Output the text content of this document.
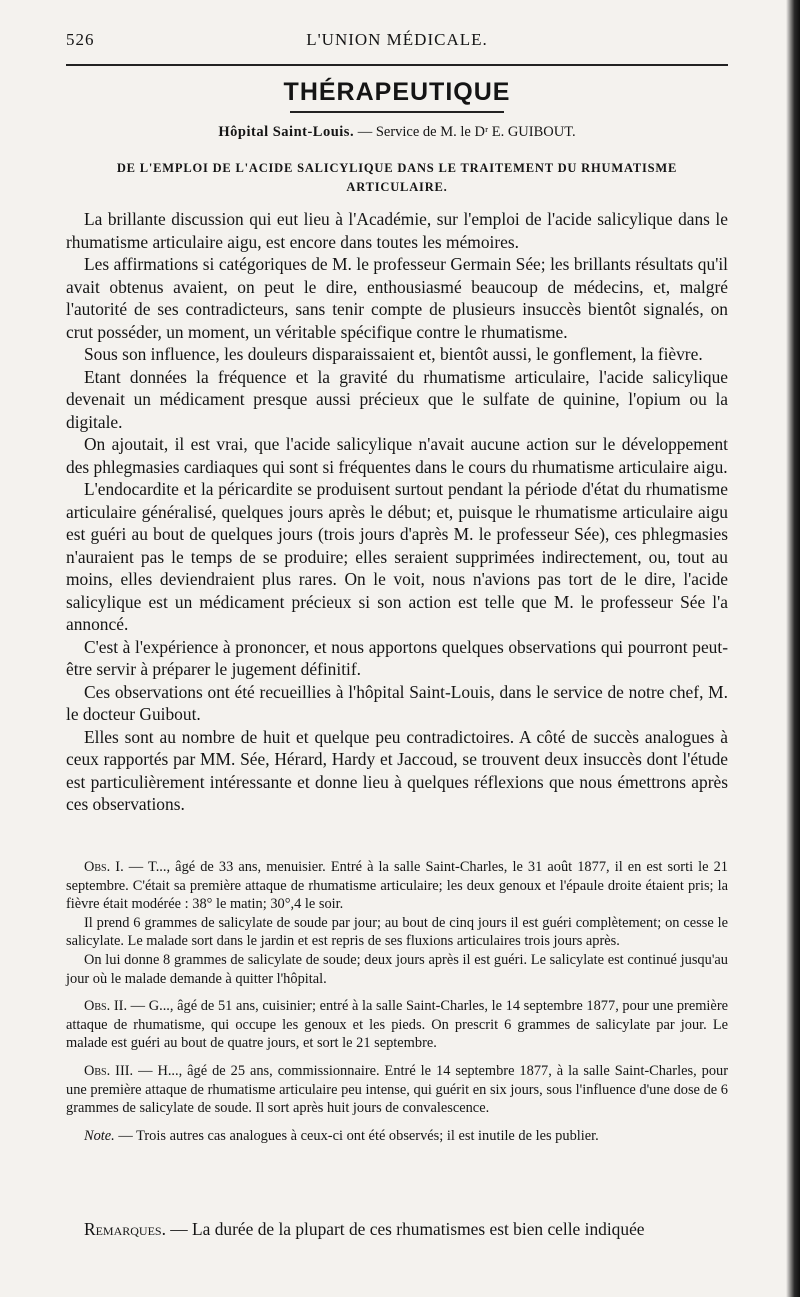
526	L'UNION MÉDICALE.
THÉRAPEUTIQUE
Hôpital Saint-Louis. — Service de M. le Dʳ E. GUIBOUT.
DE L'EMPLOI DE L'ACIDE SALICYLIQUE DANS LE TRAITEMENT DU RHUMATISME ARTICULAIRE.

La brillante discussion qui eut lieu à l'Académie, sur l'emploi de l'acide salicylique dans le rhumatisme articulaire aigu, est encore dans toutes les mémoires.

Les affirmations si catégoriques de M. le professeur Germain Sée; les brillants résultats qu'il avait obtenus avaient, on peut le dire, enthousiasmé beaucoup de médecins, et, malgré l'autorité de ses contradicteurs, sans tenir compte de plusieurs insuccès bientôt signalés, on crut posséder, un moment, un véritable spécifique contre le rhumatisme.

Sous son influence, les douleurs disparaissaient et, bientôt aussi, le gonflement, la fièvre.

Etant données la fréquence et la gravité du rhumatisme articulaire, l'acide salicylique devenait un médicament presque aussi précieux que le sulfate de quinine, l'opium ou la digitale.

On ajoutait, il est vrai, que l'acide salicylique n'avait aucune action sur le développement des phlegmasies cardiaques qui sont si fréquentes dans le cours du rhumatisme articulaire aigu.

L'endocardite et la péricardite se produisent surtout pendant la période d'état du rhumatisme articulaire généralisé, quelques jours après le début; et, puisque le rhumatisme articulaire aigu est guéri au bout de quelques jours (trois jours d'après M. le professeur Sée), ces phlegmasies n'auraient pas le temps de se produire; elles seraient supprimées indirectement, ou, tout au moins, elles deviendraient plus rares. On le voit, nous n'avions pas tort de le dire, l'acide salicylique est un médicament précieux si son action est telle que M. le professeur Sée l'a annoncé.

C'est à l'expérience à prononcer, et nous apportons quelques observations qui pourront peut-être servir à préparer le jugement définitif.

Ces observations ont été recueillies à l'hôpital Saint-Louis, dans le service de notre chef, M. le docteur Guibout.

Elles sont au nombre de huit et quelque peu contradictoires. A côté de succès analogues à ceux rapportés par MM. Sée, Hérard, Hardy et Jaccoud, se trouvent deux insuccès dont l'étude est particulièrement intéressante et donne lieu à quelques réflexions que nous émettrons après ces observations.

Obs. I. — T..., âgé de 33 ans, menuisier. Entré à la salle Saint-Charles, le 31 août 1877, il en est sorti le 21 septembre. C'était sa première attaque de rhumatisme articulaire; les deux genoux et l'épaule droite étaient pris; la fièvre était modérée : 38° le matin; 30°,4 le soir.

Il prend 6 grammes de salicylate de soude par jour; au bout de cinq jours il est guéri complètement; on cesse le salicylate. Le malade sort dans le jardin et est repris de ses fluxions articulaires trois jours après.

On lui donne 8 grammes de salicylate de soude; deux jours après il est guéri. Le salicylate est continué jusqu'au jour où le malade demande à quitter l'hôpital.

Obs. II. — G..., âgé de 51 ans, cuisinier; entré à la salle Saint-Charles, le 14 septembre 1877, pour une première attaque de rhumatisme, qui occupe les genoux et les pieds. On prescrit 6 grammes de salicylate par jour. Le malade est guéri au bout de quatre jours, et sort le 21 septembre.

Obs. III. — H..., âgé de 25 ans, commissionnaire. Entré le 14 septembre 1877, à la salle Saint-Charles, pour une première attaque de rhumatisme articulaire peu intense, qui guérit en six jours, sous l'influence d'une dose de 6 grammes de salicylate de soude. Il sort après huit jours de convalescence.

Note. — Trois autres cas analogues à ceux-ci ont été observés; il est inutile de les publier.

Remarques. — La durée de la plupart de ces rhumatismes est bien celle indiquée
